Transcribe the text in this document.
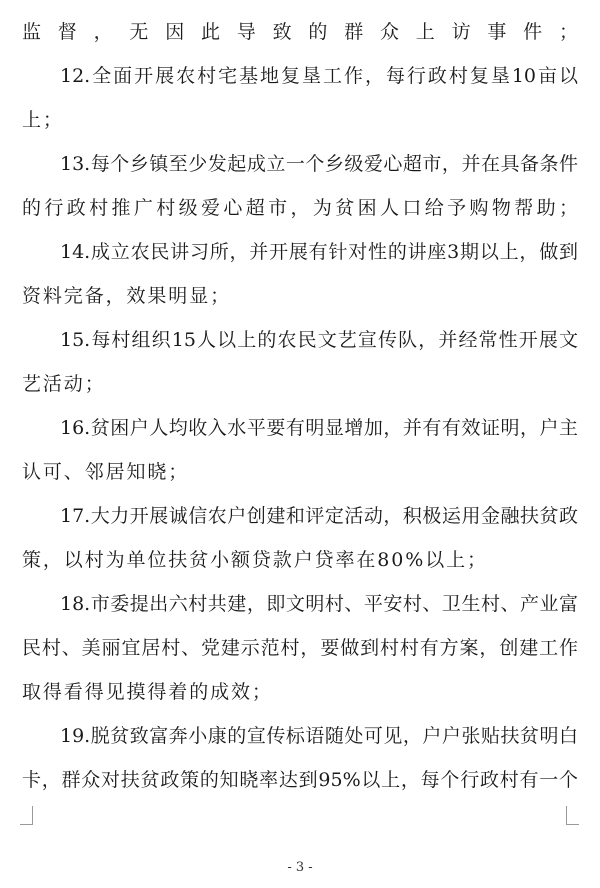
监督，无因此导致的群众上访事件；
12.全面开展农村宅基地复垦工作，每行政村复垦10亩以
上；
13.每个乡镇至少发起成立一个乡级爱心超市，并在具备条件
的行政村推广村级爱心超市，为贫困人口给予购物帮助；
14.成立农民讲习所，并开展有针对性的讲座3期以上，做到
资料完备，效果明显；
15.每村组织15人以上的农民文艺宣传队，并经常性开展文
艺活动；
16.贫困户人均收入水平要有明显增加，并有有效证明，户主
认可、邻居知晓；
17.大力开展诚信农户创建和评定活动，积极运用金融扶贫政
策，以村为单位扶贫小额贷款户贷率在80%以上；
18.市委提出六村共建，即文明村、平安村、卫生村、产业富
民村、美丽宜居村、党建示范村，要做到村村有方案，创建工作
取得看得见摸得着的成效；
19.脱贫致富奔小康的宣传标语随处可见，户户张贴扶贫明白
卡，群众对扶贫政策的知晓率达到95%以上，每个行政村有一个
- 3 -
